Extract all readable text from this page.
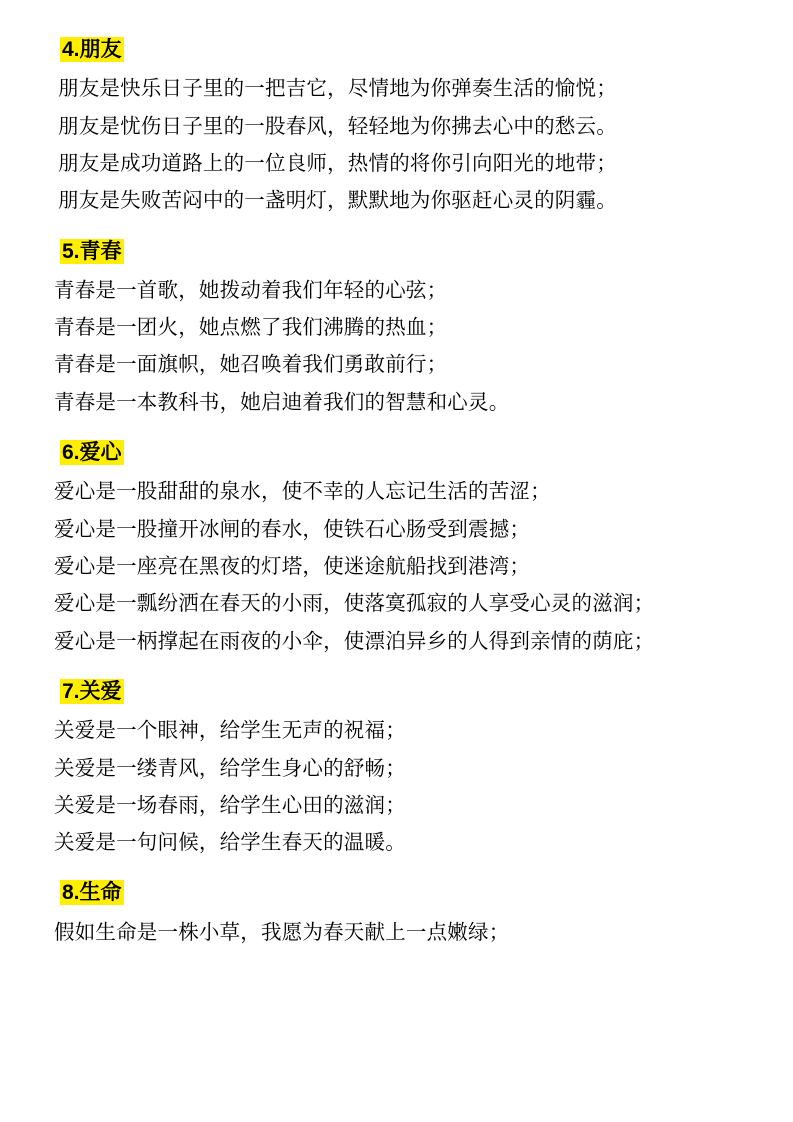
4.朋友

朋友是快乐日子里的一把吉它，尽情地为你弹奏生活的愉悦；

朋友是忧伤日子里的一股春风，轻轻地为你拂去心中的愁云。

朋友是成功道路上的一位良师，热情的将你引向阳光的地带；

朋友是失败苦闷中的一盏明灯，默默地为你驱赶心灵的阴霾。

5.青春

青春是一首歌，她拨动着我们年轻的心弦；

青春是一团火，她点燃了我们沸腾的热血；

青春是一面旗帜，她召唤着我们勇敢前行；

青春是一本教科书，她启迪着我们的智慧和心灵。

6.爱心

爱心是一股甜甜的泉水，使不幸的人忘记生活的苦涩；

爱心是一股撞开冰闸的春水，使铁石心肠受到震撼；

爱心是一座亮在黑夜的灯塔，使迷途航船找到港湾；

爱心是一瓢纷洒在春天的小雨，使落寞孤寂的人享受心灵的滋润；

爱心是一柄撑起在雨夜的小伞，使漂泊异乡的人得到亲情的荫庇；

7.关爱

关爱是一个眼神，给学生无声的祝福；

关爱是一缕青风，给学生身心的舒畅；

关爱是一场春雨，给学生心田的滋润；

关爱是一句问候，给学生春天的温暖。

8.生命

假如生命是一株小草，我愿为春天献上一点嫩绿；
